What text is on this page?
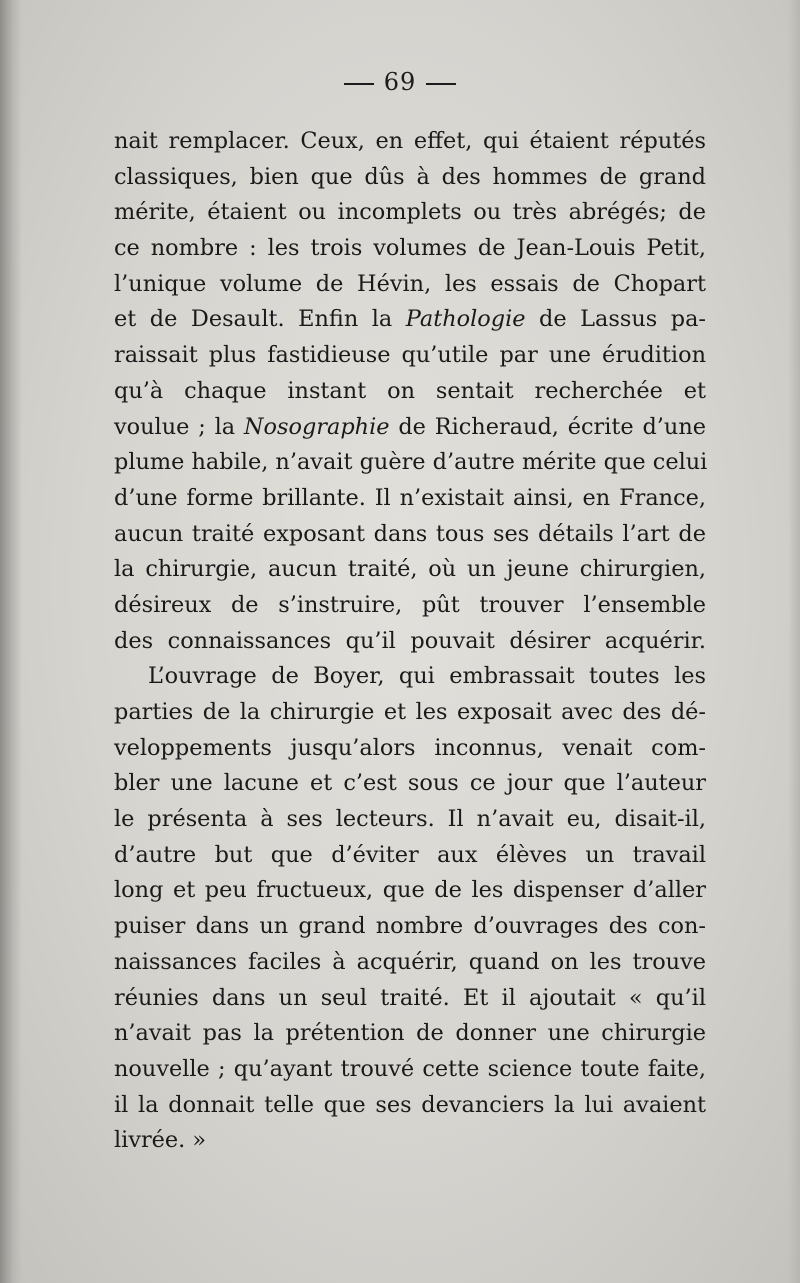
69
nait remplacer. Ceux, en effet, qui étaient réputés
classiques, bien que dûs à des hommes de grand
mérite, étaient ou incomplets ou très abrégés; de
ce nombre : les trois volumes de Jean-Louis Petit,
l’unique volume de Hévin, les essais de Chopart
et de Desault. Enfin la Pathologie de Lassus pa-
raissait plus fastidieuse qu’utile par une érudition
qu’à chaque instant on sentait recherchée et
voulue ; la Nosographie de Richeraud, écrite d’une
plume habile, n’avait guère d’autre mérite que celui
d’une forme brillante. Il n’existait ainsi, en France,
aucun traité exposant dans tous ses détails l’art de
la chirurgie, aucun traité, où un jeune chirurgien,
désireux de s’instruire, pût trouver l’ensemble
des connaissances qu’il pouvait désirer acquérir.
L’ouvrage de Boyer, qui embrassait toutes les
parties de la chirurgie et les exposait avec des dé-
veloppements jusqu’alors inconnus, venait com-
bler une lacune et c’est sous ce jour que l’auteur
le présenta à ses lecteurs. Il n’avait eu, disait-il,
d’autre but que d’éviter aux élèves un travail
long et peu fructueux, que de les dispenser d’aller
puiser dans un grand nombre d’ouvrages des con-
naissances faciles à acquérir, quand on les trouve
réunies dans un seul traité. Et il ajoutait « qu’il
n’avait pas la prétention de donner une chirurgie
nouvelle ; qu’ayant trouvé cette science toute faite,
il la donnait telle que ses devanciers la lui avaient
livrée. »
